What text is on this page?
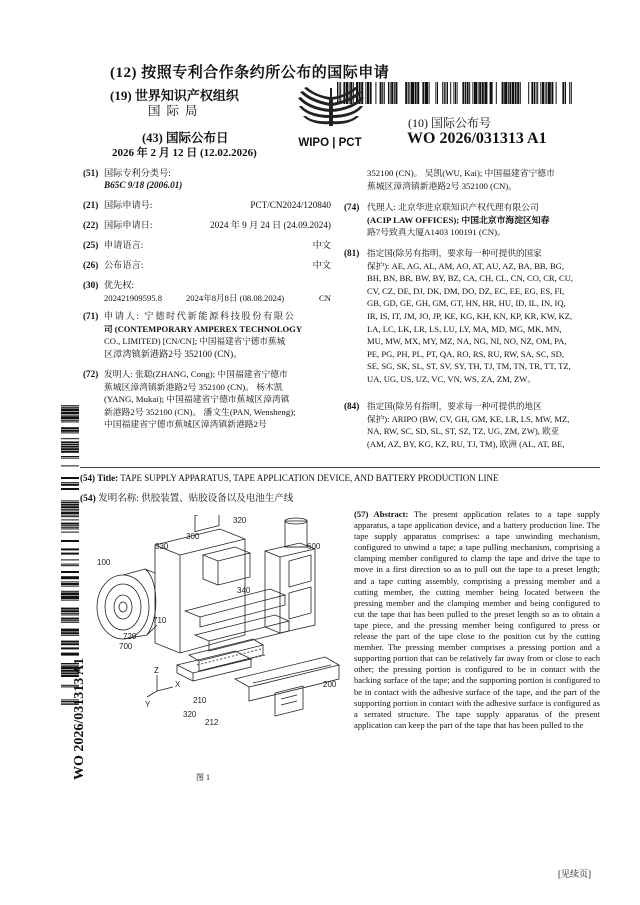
(12) 按照专利合作条约所公布的国际申请
(19) 世界知识产权组织
国际局
(43) 国际公布日
2026 年 2 月 12 日 (12.02.2026)
WIPO | PCT
(10) 国际公布号
WO 2026/031313 A1
WO 2026/031313 A1
(51) 国际专利分类号:
B65C 9/18 (2006.01)
(21) 国际申请号:	PCT/CN2024/120840
(22) 国际申请日:	2024 年 9 月 24 日 (24.09.2024)
(25) 申请语言:	中文
(26) 公布语言:	中文
(30) 优先权:
202421909595.8	2024年8月8日 (08.08.2024)	CN
(71) 申请人: 宁德时代新能源科技股份有限公
司 (CONTEMPORARY AMPEREX TECHNOLOGY
CO., LIMITED) [CN/CN]; 中国福建省宁德市蕉城
区漳湾镇新港路2号 352100 (CN)。
(72) 发明人: 张聪(ZHANG, Cong); 中国福建省宁德市
蕉城区漳湾镇新港路2号 352100 (CN)。 杨木凯
(YANG, Mukai); 中国福建省宁德市蕉城区漳湾镇
新港路2号 352100 (CN)。 潘文生(PAN, Wensheng);
中国福建省宁德市蕉城区漳湾镇新港路2号
352100 (CN)。 吴凯(WU, Kai); 中国福建省宁德市
蕉城区漳湾镇新港路2号 352100 (CN)。
(74) 代理人: 北京华进京联知识产权代理有限公司
(ACIP LAW OFFICES); 中国北京市海淀区知春
路7号致真大厦A1403 100191 (CN)。
(81) 指定国(除另有指明，要求每一种可提供的国家
保护): AE, AG, AL, AM, AO, AT, AU, AZ, BA, BB, BG,
BH, BN, BR, BW, BY, BZ, CA, CH, CL, CN, CO, CR, CU,
CV, CZ, DE, DJ, DK, DM, DO, DZ, EC, EE, EG, ES, FI,
GB, GD, GE, GH, GM, GT, HN, HR, HU, ID, IL, IN, IQ,
IR, IS, IT, JM, JO, JP, KE, KG, KH, KN, KP, KR, KW, KZ,
LA, LC, LK, LR, LS, LU, LY, MA, MD, MG, MK, MN,
MU, MW, MX, MY, MZ, NA, NG, NI, NO, NZ, OM, PA,
PE, PG, PH, PL, PT, QA, RO, RS, RU, RW, SA, SC, SD,
SE, SG, SK, SL, ST, SV, SY, TH, TJ, TM, TN, TR, TT, TZ,
UA, UG, US, UZ, VC, VN, WS, ZA, ZM, ZW。
(84) 指定国(除另有指明，要求每一种可提供的地区
保护): ARIPO (BW, CV, GH, GM, KE, LR, LS, MW, MZ,
NA, RW, SC, SD, SL, ST, SZ, TZ, UG, ZM, ZW), 欧亚
(AM, AZ, BY, KG, KZ, RU, TJ, TM), 欧洲 (AL, AT, BE,
(54) Title: TAPE SUPPLY APPARATUS, TAPE APPLICATION DEVICE, AND BATTERY PRODUCTION LINE
(54) 发明名称: 供胶装置、贴胶设备以及电池生产线
320
300
330
100
340
710
720
700
210
320
212
600
200
Y
X
Z
图 1
(57) Abstract: The present application relates to a tape supply apparatus, a tape application device, and a battery production line. The tape supply apparatus comprises: a tape unwinding mechanism, configured to unwind a tape; a tape pulling mechanism, comprising a clamping member configured to clamp the tape and drive the tape to move in a first direction so as to pull out the tape to a preset length; and a tape cutting assembly, comprising a pressing member and a cutting member, the cutting member being located between the pressing member and the clamping member and being configured to cut the tape that has been pulled to the preset length so as to obtain a tape piece, and the pressing member being configured to press or release the part of the tape close to the position cut by the cutting member. The pressing member comprises a pressing portion and a supporting portion that can be relatively far away from or close to each other; the pressing portion is configured to be in contact with the backing surface of the tape; and the supporting portion is configured to be in contact with the adhesive surface of the tape, and the part of the supporting portion in contact with the adhesive surface is configured as a serrated structure. The tape supply apparatus of the present application can keep the part of the tape that has been pulled to the
[见续页]
